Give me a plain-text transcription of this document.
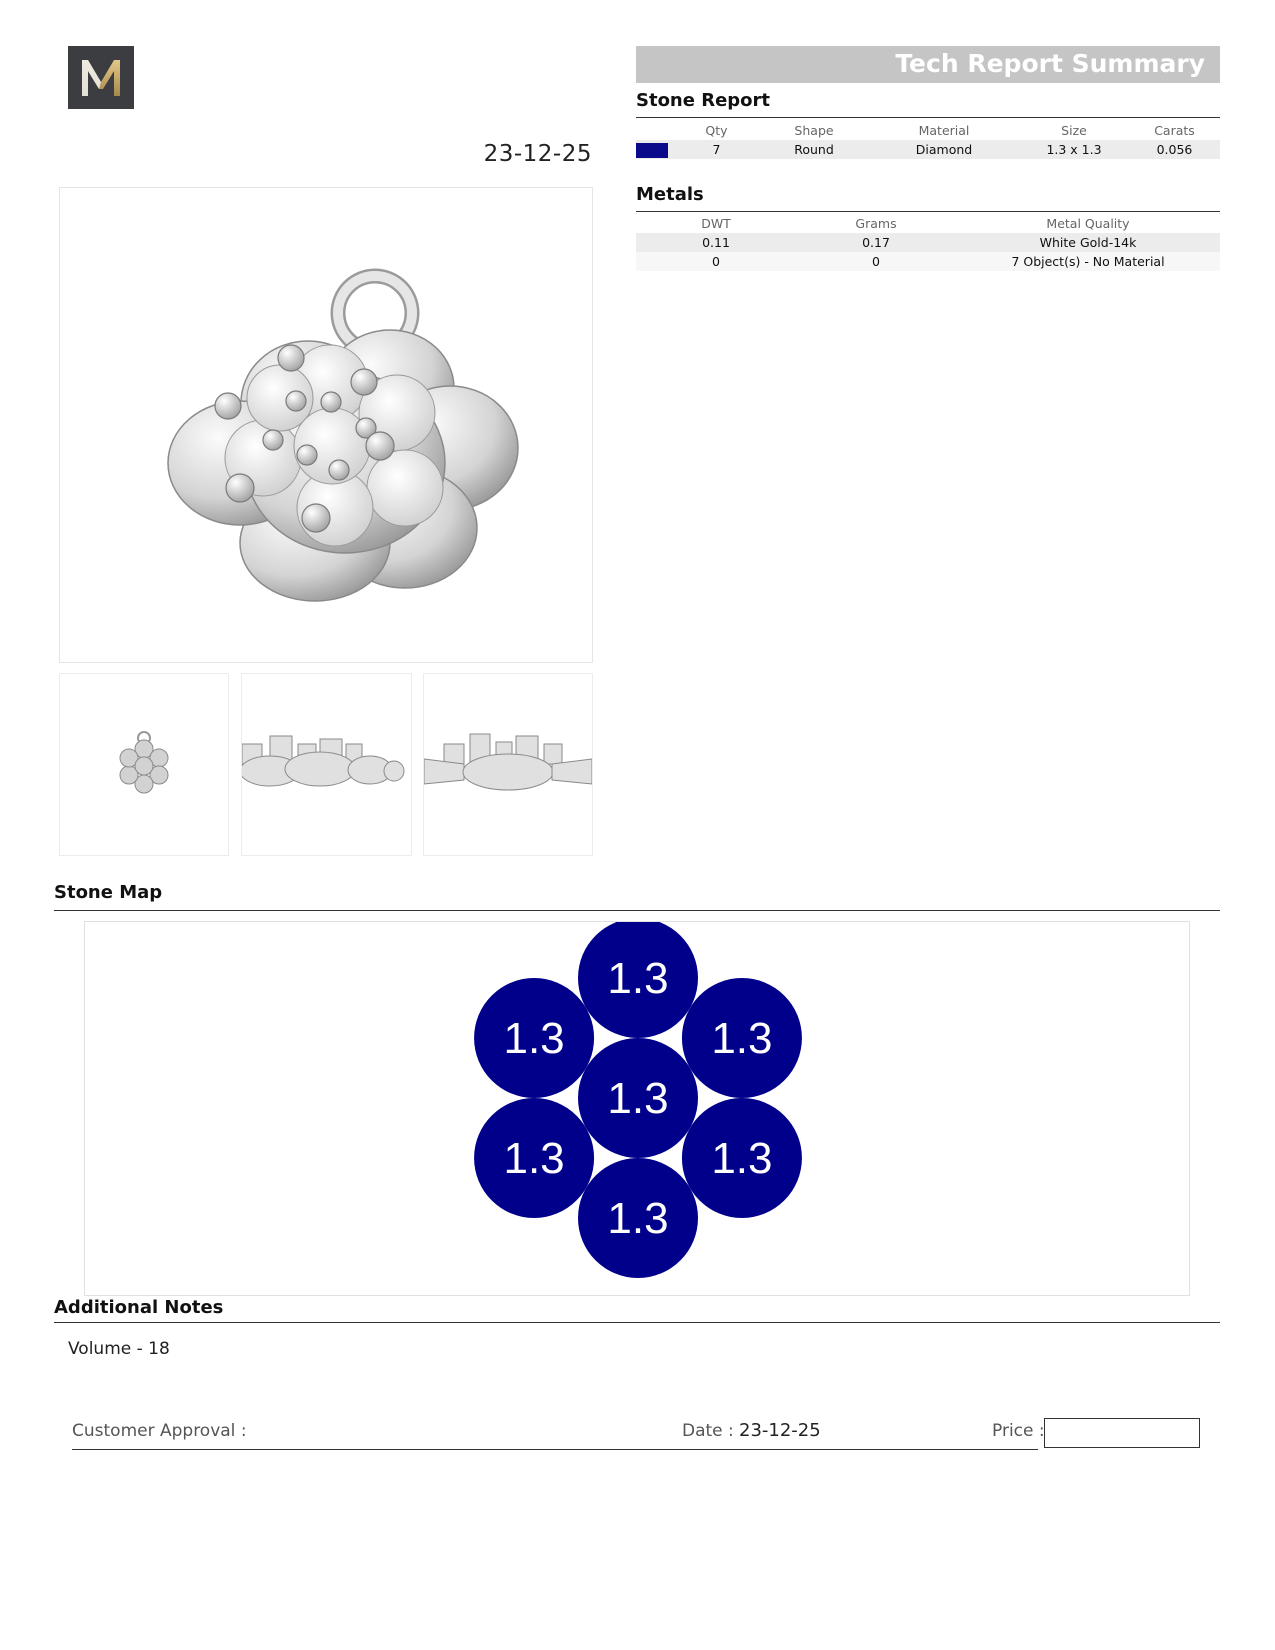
23-12-25
Tech Report Summary
Stone Report
	Qty	Shape	Material	Size	Carats
	7	Round	Diamond	1.3 x 1.3	0.056
Metals
DWT	Grams	Metal Quality
0.11	0.17	White Gold-14k
0	0	7 Object(s) - No Material
Stone Map
1.3
1.3
1.3
1.3
1.3
1.3
1.3
Additional Notes
Volume - 18
Customer Approval :	Date : 23-12-25	Price :
